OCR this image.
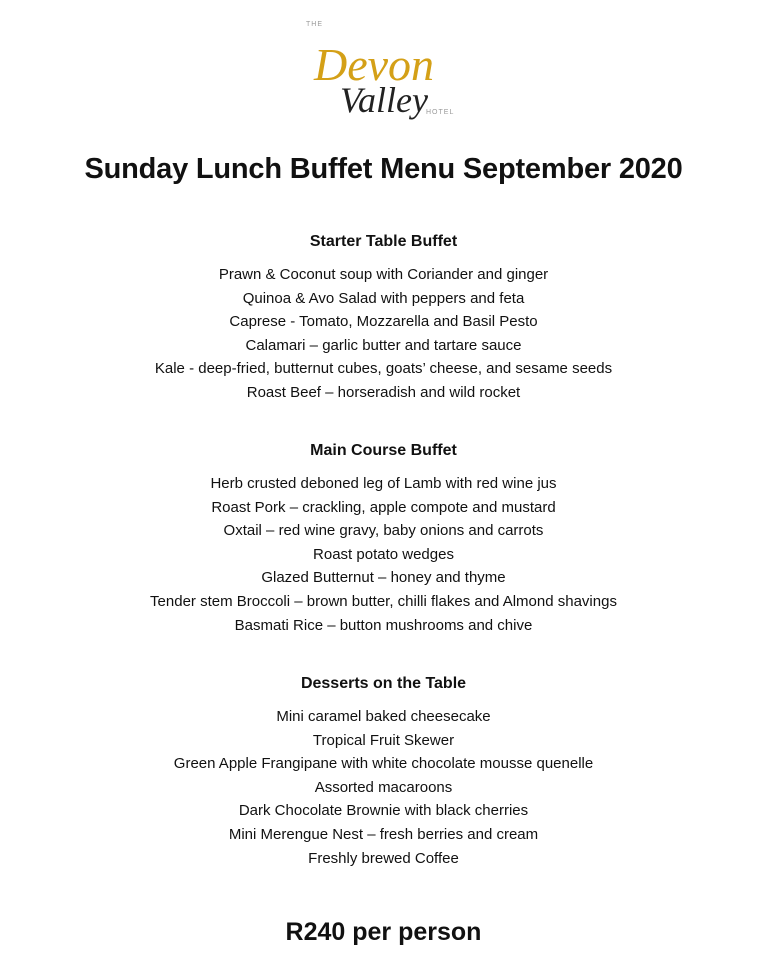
THE
Devon
Valley
HOTEL
Sunday Lunch Buffet Menu September 2020
Starter Table Buffet
Prawn & Coconut soup with Coriander and ginger
Quinoa & Avo Salad with peppers and feta
Caprese - Tomato, Mozzarella and Basil Pesto
Calamari – garlic butter and tartare sauce
Kale - deep-fried, butternut cubes, goats’ cheese, and sesame seeds
Roast Beef – horseradish and wild rocket
Main Course Buffet
Herb crusted deboned leg of Lamb with red wine jus
Roast Pork – crackling, apple compote and mustard
Oxtail – red wine gravy, baby onions and carrots
Roast potato wedges
Glazed Butternut – honey and thyme
Tender stem Broccoli – brown butter, chilli flakes and Almond shavings
Basmati Rice – button mushrooms and chive
Desserts on the Table
Mini caramel baked cheesecake
Tropical Fruit Skewer
Green Apple Frangipane with white chocolate mousse quenelle
Assorted macaroons
Dark Chocolate Brownie with black cherries
Mini Merengue Nest – fresh berries and cream
Freshly brewed Coffee
R240 per person
